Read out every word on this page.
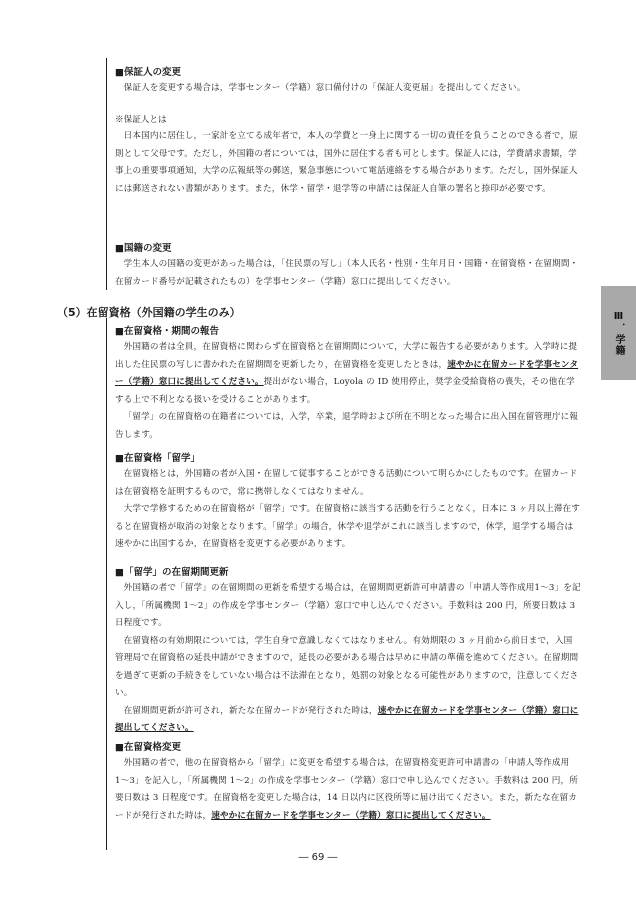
Ⅲ．学籍

■保証人の変更

保証人を変更する場合は，学事センター（学籍）窓口備付けの「保証人変更届」を提出してください。

※保証人とは

日本国内に居住し，一家計を立てる成年者で，本人の学費と一身上に関する一切の責任を負うことのできる者で，原則として父母です。ただし，外国籍の者については，国外に居住する者も可とします。保証人には，学費請求書類，学事上の重要事項通知，大学の広報紙等の郵送，緊急事態について電話連絡をする場合があります。ただし，国外保証人には郵送されない書類があります。また，休学・留学・退学等の申請には保証人自筆の署名と捺印が必要です。

■国籍の変更

学生本人の国籍の変更があった場合は，「住民票の写し」（本人氏名・性別・生年月日・国籍・在留資格・在留期間・在留カード番号が記載されたもの）を学事センター（学籍）窓口に提出してください。

（5）在留資格（外国籍の学生のみ）

■在留資格・期間の報告

外国籍の者は全員，在留資格に関わらず在留資格と在留期間について，大学に報告する必要があります。入学時に提出した住民票の写しに書かれた在留期間を更新したり，在留資格を変更したときは，速やかに在留カードを学事センター（学籍）窓口に提出してください。提出がない場合，Loyola の ID 使用停止，奨学金受給資格の喪失，その他在学する上で不利となる扱いを受けることがあります。

「留学」の在留資格の在籍者については，入学，卒業，退学時および所在不明となった場合に出入国在留管理庁に報告します。

■在留資格「留学」

在留資格とは，外国籍の者が入国・在留して従事することができる活動について明らかにしたものです。在留カードは在留資格を証明するもので，常に携帯しなくてはなりません。

大学で学修するための在留資格が「留学」です。在留資格に該当する活動を行うことなく，日本に 3 ヶ月以上滞在すると在留資格が取消の対象となります。「留学」の場合，休学や退学がこれに該当しますので，休学，退学する場合は速やかに出国するか，在留資格を変更する必要があります。

■「留学」の在留期間更新

外国籍の者で「留学」の在留期間の更新を希望する場合は，在留期間更新許可申請書の「申請人等作成用1〜3」を記入し，「所属機関 1〜2」の作成を学事センター（学籍）窓口で申し込んでください。手数料は 200 円，所要日数は 3 日程度です。

在留資格の有効期限については，学生自身で意識しなくてはなりません。有効期限の 3 ヶ月前から前日まで，入国管理局で在留資格の延長申請ができますので，延長の必要がある場合は早めに申請の準備を進めてください。在留期間を過ぎて更新の手続きをしていない場合は不法滞在となり，処罰の対象となる可能性がありますので，注意してください。

在留期間更新が許可され，新たな在留カードが発行された時は，速やかに在留カードを学事センター（学籍）窓口に提出してください。

■在留資格変更

外国籍の者で，他の在留資格から「留学」に変更を希望する場合は，在留資格変更許可申請書の「申請人等作成用 1〜3」を記入し，「所属機関 1〜2」の作成を学事センター（学籍）窓口で申し込んでください。手数料は 200 円，所要日数は 3 日程度です。在留資格を変更した場合は，14 日以内に区役所等に届け出てください。また，新たな在留カードが発行された時は，速やかに在留カードを学事センター（学籍）窓口に提出してください。

― 69 ―
